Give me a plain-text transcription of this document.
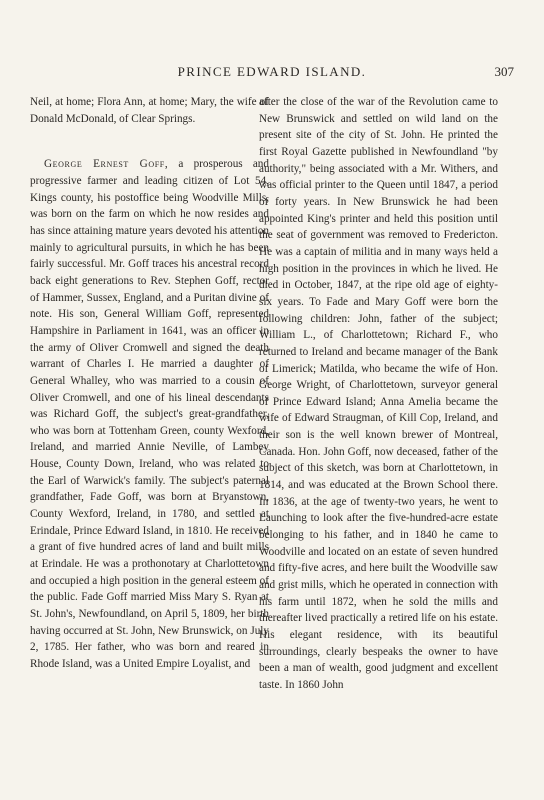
PRINCE EDWARD ISLAND.	307

Neil, at home; Flora Ann, at home; Mary, the wife of Donald McDonald, of Clear Springs.

George Ernest Goff, a prosperous and progressive farmer and leading citizen of Lot 54, Kings county, his postoffice being Woodville Mills, was born on the farm on which he now resides and has since attaining mature years devoted his attention mainly to agricultural pursuits, in which he has been fairly successful. Mr. Goff traces his ancestral record back eight generations to Rev. Stephen Goff, rector of Hammer, Sussex, England, and a Puritan divine of note. His son, General William Goff, represented Hampshire in Parliament in 1641, was an officer in the army of Oliver Cromwell and signed the death warrant of Charles I. He married a daughter of General Whalley, who was married to a cousin of Oliver Cromwell, and one of his lineal descendants was Richard Goff, the subject's great-grandfather, who was born at Tottenham Green, county Wexford, Ireland, and married Annie Neville, of Lambey House, County Down, Ireland, who was related to the Earl of Warwick's family. The subject's paternal grandfather, Fade Goff, was born at Bryanstown, County Wexford, Ireland, in 1780, and settled at Erindale, Prince Edward Island, in 1810. He received a grant of five hundred acres of land and built mills at Erindale. He was a prothonotary at Charlottetown and occupied a high position in the general esteem of the public. Fade Goff married Miss Mary S. Ryan at St. John's, Newfoundland, on April 5, 1809, her birth having occurred at St. John, New Brunswick, on July 2, 1785. Her father, who was born and reared in Rhode Island, was a United Empire Loyalist, and

after the close of the war of the Revolution came to New Brunswick and settled on wild land on the present site of the city of St. John. He printed the first Royal Gazette published in Newfoundland "by authority," being associated with a Mr. Withers, and was official printer to the Queen until 1847, a period of forty years. In New Brunswick he had been appointed King's printer and held this position until the seat of government was removed to Fredericton. He was a captain of militia and in many ways held a high position in the provinces in which he lived. He died in October, 1847, at the ripe old age of eighty-six years. To Fade and Mary Goff were born the following children: John, father of the subject; William L., of Charlottetown; Richard F., who returned to Ireland and became manager of the Bank of Limerick; Matilda, who became the wife of Hon. George Wright, of Charlottetown, surveyor general of Prince Edward Island; Anna Amelia became the wife of Edward Straugman, of Kill Cop, Ireland, and their son is the well known brewer of Montreal, Canada. Hon. John Goff, now deceased, father of the subject of this sketch, was born at Charlottetown, in 1814, and was educated at the Brown School there. In 1836, at the age of twenty-two years, he went to Launching to look after the five-hundred-acre estate belonging to his father, and in 1840 he came to Woodville and located on an estate of seven hundred and fifty-five acres, and here built the Woodville saw and grist mills, which he operated in connection with his farm until 1872, when he sold the mills and thereafter lived practically a retired life on his estate. His elegant residence, with its beautiful surroundings, clearly bespeaks the owner to have been a man of wealth, good judgment and excellent taste. In 1860 John
